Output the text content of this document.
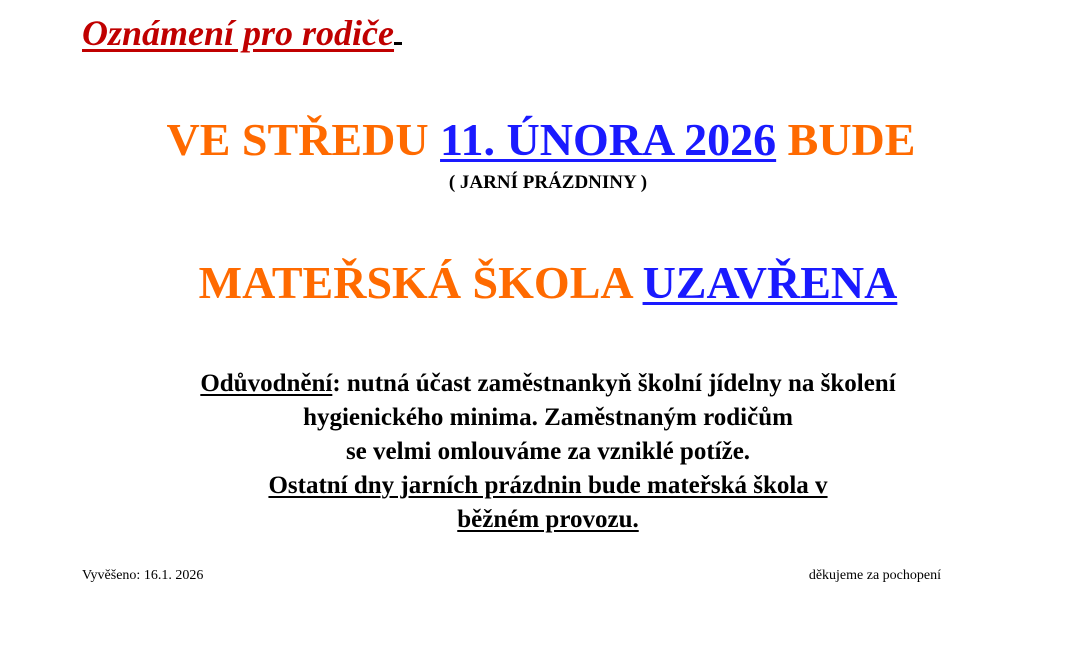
Oznámení pro rodiče
VE STŘEDU 11. ÚNORA 2026 BUDE
( JARNÍ PRÁZDNINY )
MATEŘSKÁ ŠKOLA UZAVŘENA
Odůvodnění: nutná účast zaměstnankyň školní jídelny na školení
hygienického minima. Zaměstnaným rodičům
se velmi omlouváme za vzniklé potíže.
Ostatní dny jarních prázdnin bude mateřská škola v
běžném provozu.
Vyvěšeno: 16.1. 2026	děkujeme za pochopení
